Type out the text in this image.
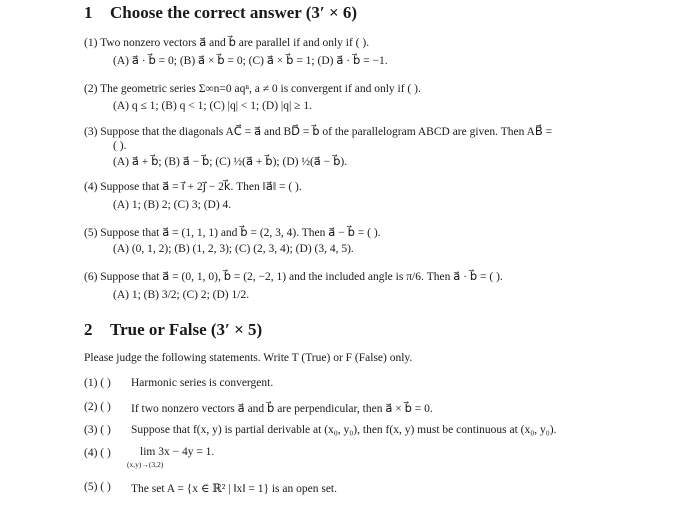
1 Choose the correct answer (3′ × 6)
(1) Two nonzero vectors a⃗ and b⃗ are parallel if and only if ( ).
(A) a⃗ · b⃗ = 0; (B) a⃗ × b⃗ = 0; (C) a⃗ × b⃗ = 1; (D) a⃗ · b⃗ = −1.
(2) The geometric series Σ∞n=0 aqⁿ, a ≠ 0 is convergent if and only if ( ).
(A) q ≤ 1; (B) q < 1; (C) |q| < 1; (D) |q| ≥ 1.
(3) Suppose that the diagonals AC⃗ = a⃗ and BD⃗ = b⃗ of the parallelogram ABCD are given. Then AB⃗ =
( ).
(A) a⃗ + b⃗; (B) a⃗ − b⃗; (C) ½(a⃗ + b⃗); (D) ½(a⃗ − b⃗).
(4) Suppose that a⃗ = i⃗ + 2j⃗ − 2k⃗. Then ‖a⃗‖ = ( ).
(A) 1; (B) 2; (C) 3; (D) 4.
(5) Suppose that a⃗ = (1, 1, 1) and b⃗ = (2, 3, 4). Then a⃗ − b⃗ = ( ).
(A) (0, 1, 2); (B) (1, 2, 3); (C) (2, 3, 4); (D) (3, 4, 5).
(6) Suppose that a⃗ = (0, 1, 0), b⃗ = (2, −2, 1) and the included angle is π/6. Then a⃗ · b⃗ = ( ).
(A) 1; (B) 3/2; (C) 2; (D) 1/2.
2 True or False (3′ × 5)
Please judge the following statements. Write T (True) or F (False) only.
(1) ( ) Harmonic series is convergent.
(2) ( ) If two nonzero vectors a⃗ and b⃗ are perpendicular, then a⃗ × b⃗ = 0.
(3) ( ) Suppose that f(x, y) is partial derivable at (x₀, y₀), then f(x, y) must be continuous at (x₀, y₀).
(4) ( )	lim 3x − 4y = 1.
(x,y)→(3,2)
(5) ( ) The set A = {x ∈ ℝ² | ‖x‖ = 1} is an open set.
